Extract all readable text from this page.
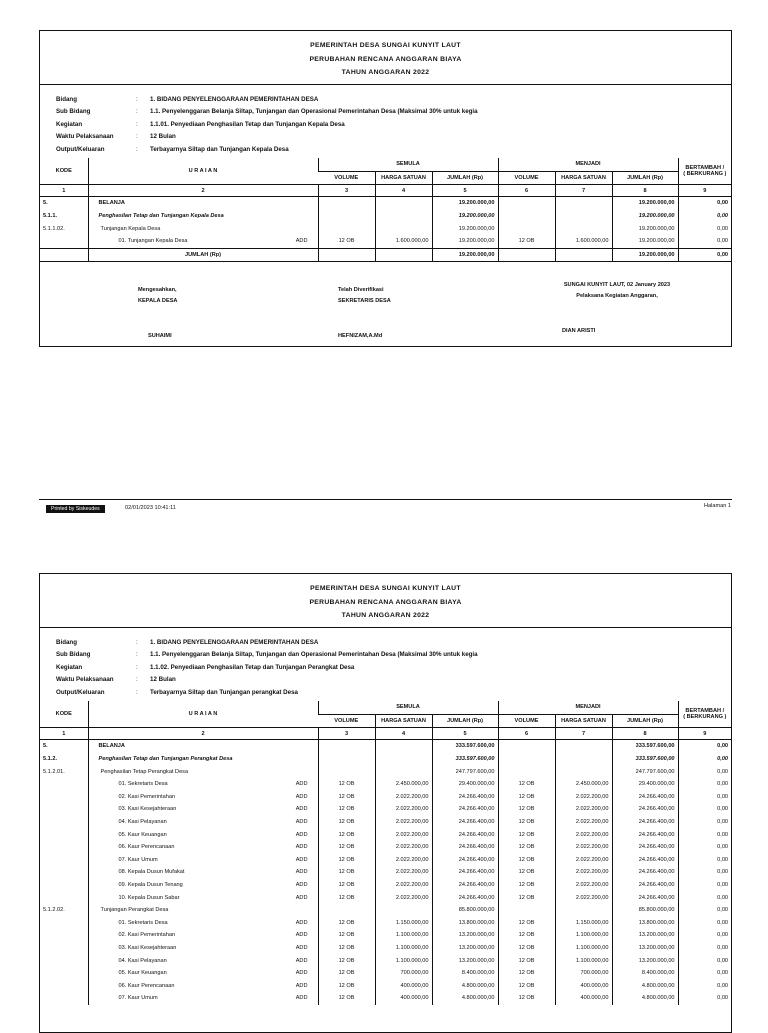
PEMERINTAH DESA SUNGAI KUNYIT LAUT
PERUBAHAN RENCANA ANGGARAN BIAYA
TAHUN ANGGARAN 2022
Bidang	:	1. BIDANG PENYELENGGARAAN PEMERINTAHAN DESA
Sub Bidang	:	1.1. Penyelenggaran Belanja Siltap, Tunjangan dan Operasional Pemerintahan Desa (Maksimal 30% untuk kegia
Kegiatan	:	1.1.01. Penyediaan Penghasilan Tetap dan Tunjangan Kepala Desa
Waktu Pelaksanaan	:	12 Bulan
Output/Keluaran	:	Terbayarnya Siltap dan Tunjangan Kepala Desa
KODE	U R A I A N	SEMULA			MENJADI			BERTAMBAH /
( BERKURANG )

		VOLUME	HARGA SATUAN	JUMLAH (Rp)	VOLUME	HARGA SATUAN	JUMLAH (Rp)	
1	2	3	4	5	6	7	8	9
5.	BELANJA			19.200.000,00			19.200.000,00	0,00
5.1.1.	Penghasilan Tetap dan Tunjangan Kepala Desa			19.200.000,00			19.200.000,00	0,00
5.1.1.02.	Tunjangan Kepala Desa			19.200.000,00			19.200.000,00	0,00
	01. Tunjangan Kepala Desa ADD	12 OB	1.600.000,00	19.200.000,00	12 OB	1.600.000,00	19.200.000,00	0,00
	JUMLAH (Rp)			19.200.000,00			19.200.000,00	0,00
Mengesahkan,
KEPALA DESA
SUHAIMI
Telah Diverifikasi
SEKRETARIS DESA
HEFNIZAM,A.Md
SUNGAI KUNYIT LAUT, 02 January 2023
Pelaksana Kegiatan Anggaran,
DIAN ARISTI
Printed by Siskeudes	02/01/2023 10:41:11	Halaman 1
PEMERINTAH DESA SUNGAI KUNYIT LAUT
PERUBAHAN RENCANA ANGGARAN BIAYA
TAHUN ANGGARAN 2022
Bidang	:	1. BIDANG PENYELENGGARAAN PEMERINTAHAN DESA
Sub Bidang	:	1.1. Penyelenggaran Belanja Siltap, Tunjangan dan Operasional Pemerintahan Desa (Maksimal 30% untuk kegia
Kegiatan	:	1.1.02. Penyediaan Penghasilan Tetap dan Tunjangan Perangkat Desa
Waktu Pelaksanaan	:	12 Bulan
Output/Keluaran	:	Terbayarnya Siltap dan Tunjangan perangkat Desa
KODE	U R A I A N	SEMULA			MENJADI			BERTAMBAH /
( BERKURANG )

		VOLUME	HARGA SATUAN	JUMLAH (Rp)	VOLUME	HARGA SATUAN	JUMLAH (Rp)	
1	2	3	4	5	6	7	8	9
5.	BELANJA			333.597.600,00			333.597.600,00	0,00
5.1.2.	Penghasilan Tetap dan Tunjangan Perangkat Desa			333.597.600,00			333.597.600,00	0,00
5.1.2.01.	Penghasilan Tetap Perangkat Desa			247.797.600,00			247.797.600,00	0,00
	01. Sekretaris Desa ADD	12 OB	2.450.000,00	29.400.000,00	12 OB	2.450.000,00	29.400.000,00	0,00
	02. Kasi Pemerintahan ADD	12 OB	2.022.200,00	24.266.400,00	12 OB	2.022.200,00	24.266.400,00	0,00
	03. Kasi Kesejahteraan ADD	12 OB	2.022.200,00	24.266.400,00	12 OB	2.022.200,00	24.266.400,00	0,00
	04. Kasi Pelayanan ADD	12 OB	2.022.200,00	24.266.400,00	12 OB	2.022.200,00	24.266.400,00	0,00
	05. Kaur Keuangan ADD	12 OB	2.022.200,00	24.266.400,00	12 OB	2.022.200,00	24.266.400,00	0,00
	06. Kaur Perencanaan ADD	12 OB	2.022.200,00	24.266.400,00	12 OB	2.022.200,00	24.266.400,00	0,00
	07. Kaur Umum ADD	12 OB	2.022.200,00	24.266.400,00	12 OB	2.022.200,00	24.266.400,00	0,00
	08. Kepala Dusun Mufakat ADD	12 OB	2.022.200,00	24.266.400,00	12 OB	2.022.200,00	24.266.400,00	0,00
	09. Kepala Dusun Tenang ADD	12 OB	2.022.200,00	24.266.400,00	12 OB	2.022.200,00	24.266.400,00	0,00
	10. Kepala Dusun Sabar ADD	12 OB	2.022.200,00	24.266.400,00	12 OB	2.022.200,00	24.266.400,00	0,00
5.1.2.02.	Tunjangan Perangkat Desa			85.800.000,00			85.800.000,00	0,00
	01. Sekretaris Desa ADD	12 OB	1.150.000,00	13.800.000,00	12 OB	1.150.000,00	13.800.000,00	0,00
	02. Kasi Pemerintahan ADD	12 OB	1.100.000,00	13.200.000,00	12 OB	1.100.000,00	13.200.000,00	0,00
	03. Kasi Kesejahteraan ADD	12 OB	1.100.000,00	13.200.000,00	12 OB	1.100.000,00	13.200.000,00	0,00
	04. Kasi Pelayanan ADD	12 OB	1.100.000,00	13.200.000,00	12 OB	1.100.000,00	13.200.000,00	0,00
	05. Kaur Keuangan ADD	12 OB	700.000,00	8.400.000,00	12 OB	700.000,00	8.400.000,00	0,00
	06. Kaur Perencanaan ADD	12 OB	400.000,00	4.800.000,00	12 OB	400.000,00	4.800.000,00	0,00
	07. Kaur Umum ADD	12 OB	400.000,00	4.800.000,00	12 OB	400.000,00	4.800.000,00	0,00
